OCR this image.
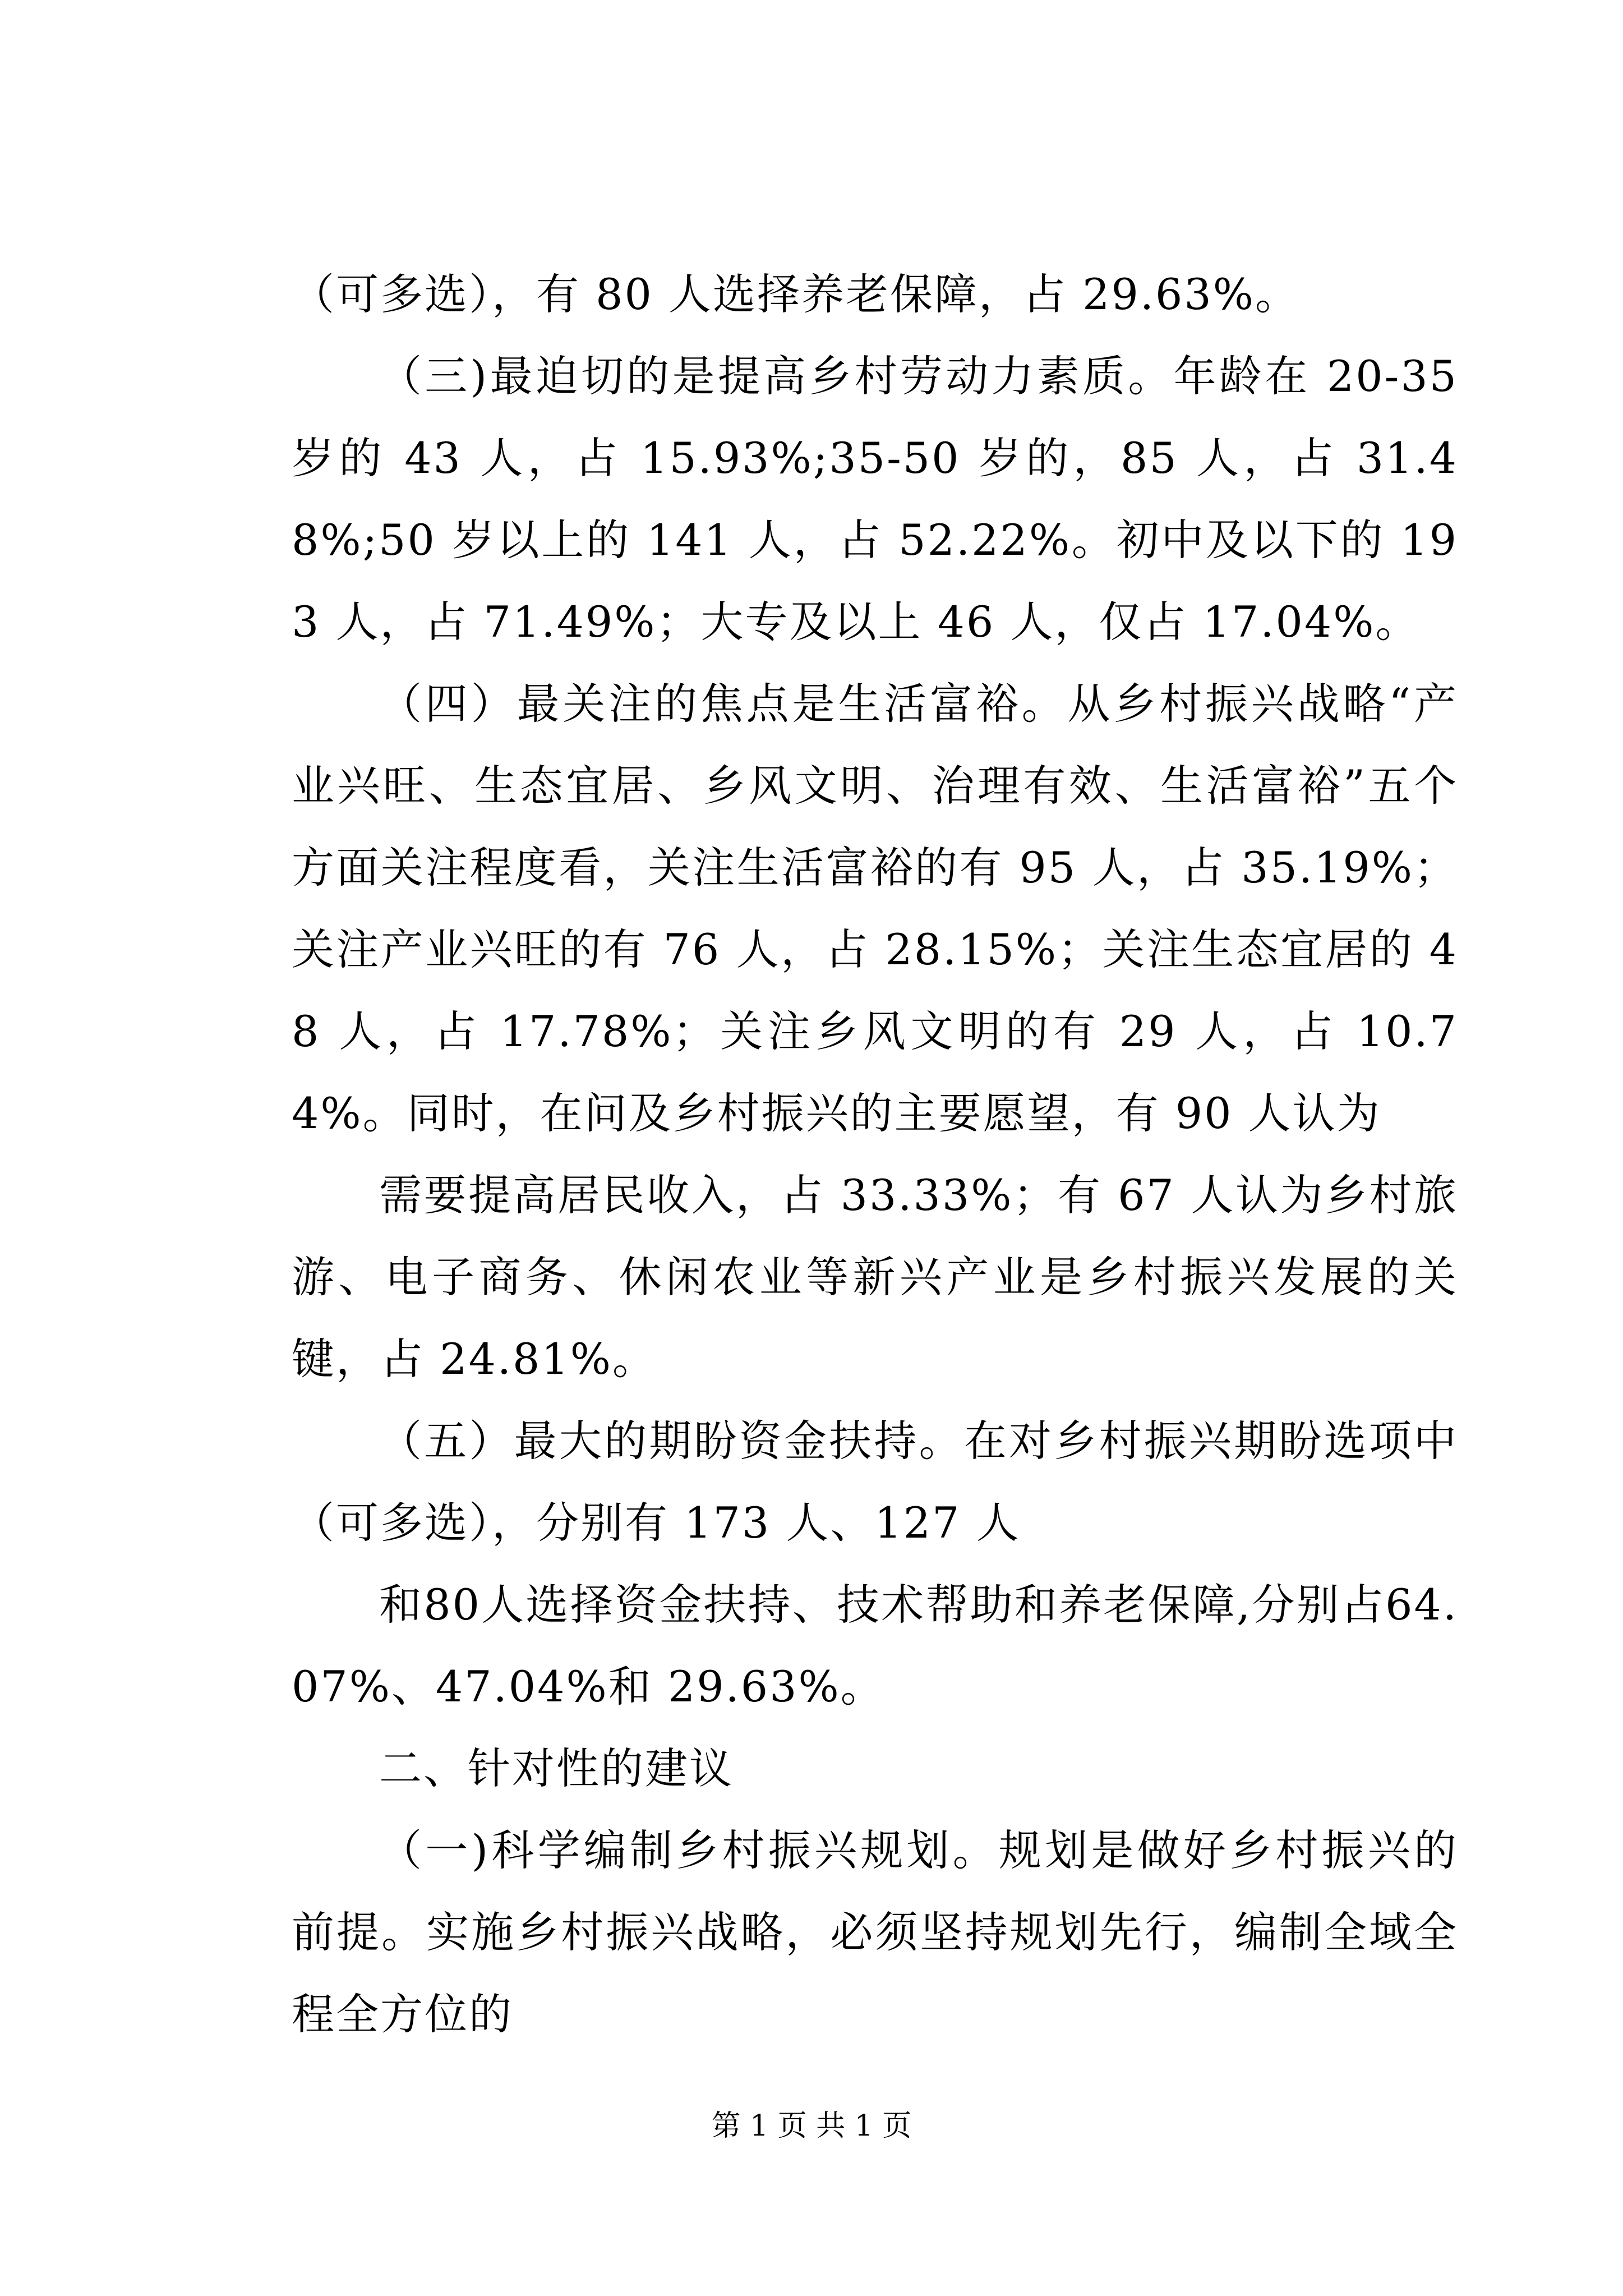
（可多选），有 80 人选择养老保障，占 29.63%。

（三)最迫切的是提高乡村劳动力素质。年龄在 20-35 岁的 43 人，占 15.93%;35-50 岁的，85 人，占 31.48%;50 岁以上的 141 人，占 52.22%。初中及以下的 193 人，占 71.49%；大专及以上 46 人，仅占 17.04%。

（四）最关注的焦点是生活富裕。从乡村振兴战略“产业兴旺、生态宜居、乡风文明、治理有效、生活富裕”五个方面关注程度看，关注生活富裕的有 95 人，占 35.19%；关注产业兴旺的有 76 人，占 28.15%；关注生态宜居的 48 人，占 17.78%；关注乡风文明的有 29 人，占 10.74%。同时，在问及乡村振兴的主要愿望，有 90 人认为

需要提高居民收入，占 33.33%；有 67 人认为乡村旅游、电子商务、休闲农业等新兴产业是乡村振兴发展的关键，占 24.81%。

（五）最大的期盼资金扶持。在对乡村振兴期盼选项中（可多选），分别有 173 人、127 人

和80人选择资金扶持、技术帮助和养老保障,分别占64.07%、47.04%和 29.63%。

二、针对性的建议

（一)科学编制乡村振兴规划。规划是做好乡村振兴的前提。实施乡村振兴战略，必须坚持规划先行，编制全域全程全方位的

第 1 页 共 1 页
